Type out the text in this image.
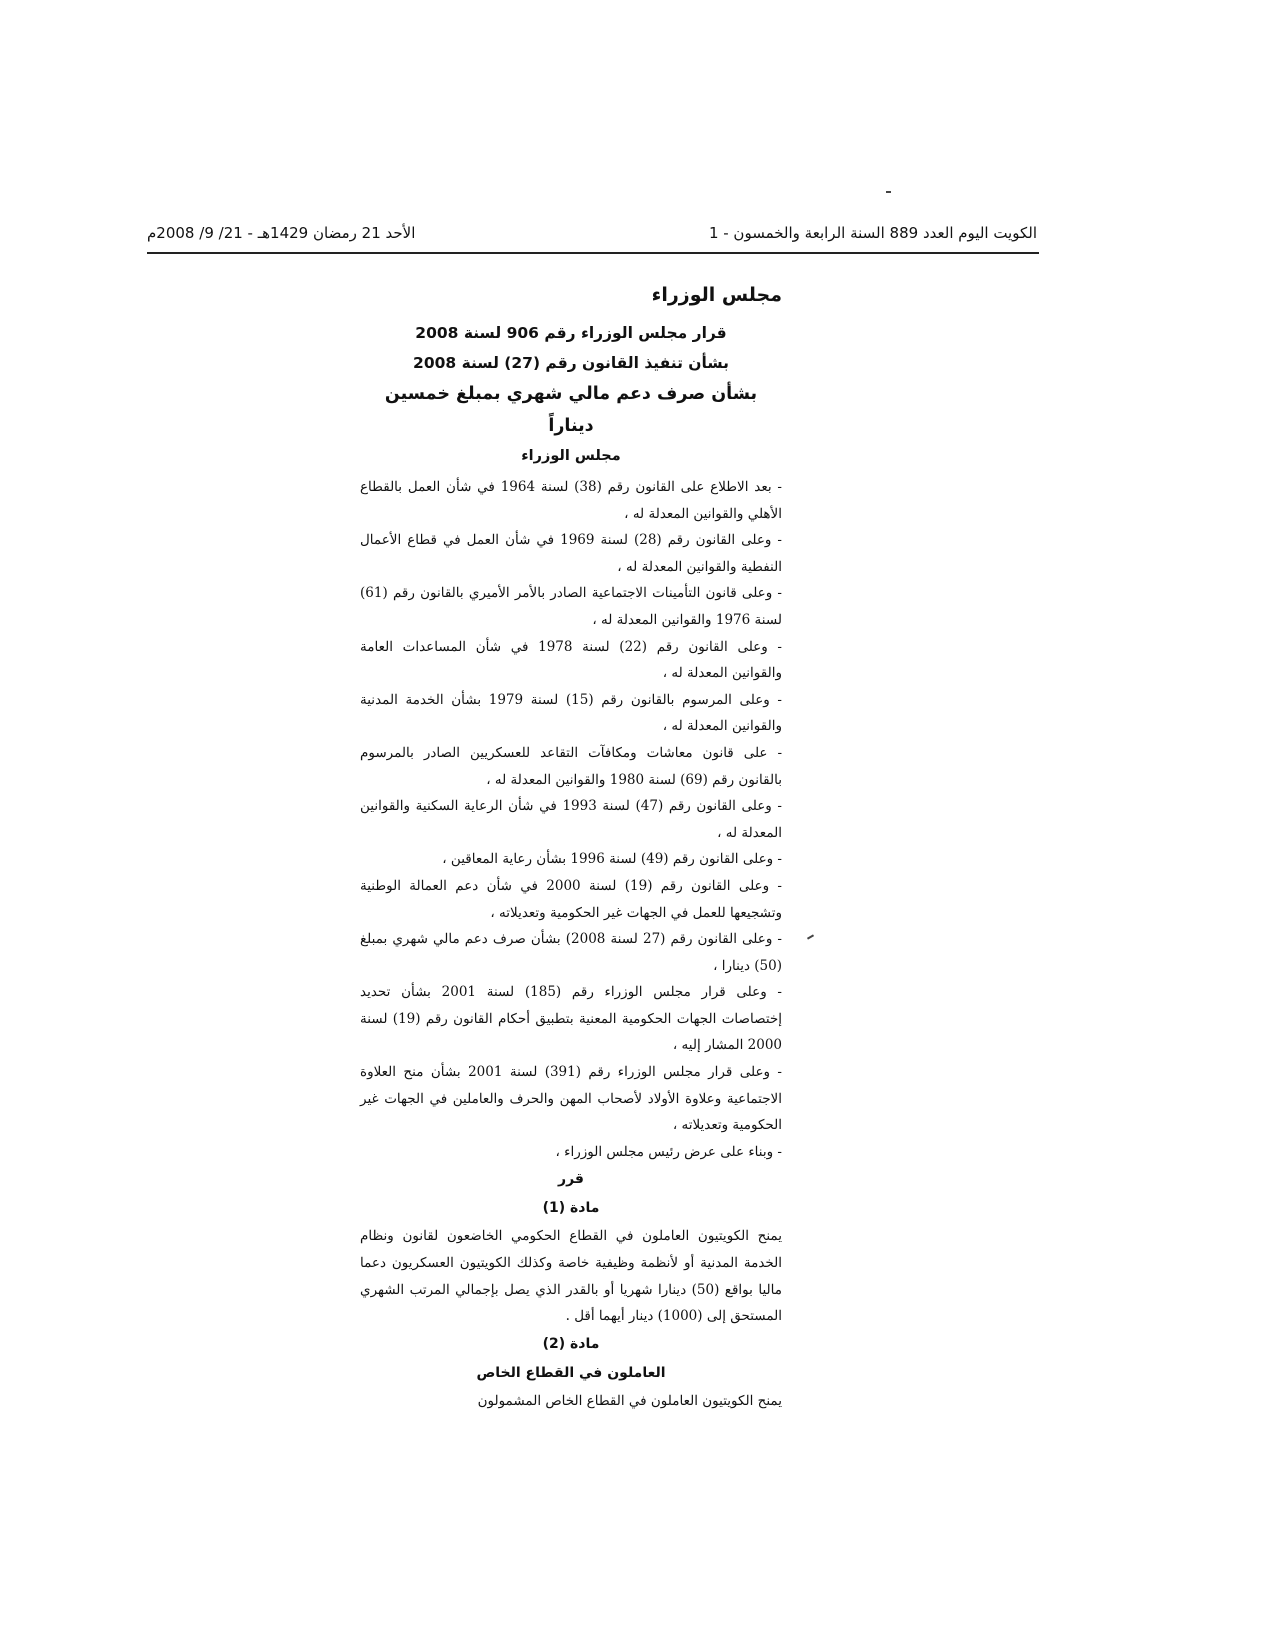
الكويت اليوم العدد 889 السنة الرابعة والخمسون - 1
الأحد 21 رمضان 1429هـ - 21/ 9/ 2008م
مجلس الوزراء
قرار مجلس الوزراء رقم 906 لسنة 2008
بشأن تنفيذ القانون رقم (27) لسنة 2008
بشأن صرف دعم مالي شهري بمبلغ خمسين ديناراً
مجلس الوزراء

- بعد الاطلاع على القانون رقم (38) لسنة 1964 في شأن العمل بالقطاع الأهلي والقوانين المعدلة له ،

- وعلى القانون رقم (28) لسنة 1969 في شأن العمل في قطاع الأعمال النفطية والقوانين المعدلة له ،

- وعلى قانون التأمينات الاجتماعية الصادر بالأمر الأميري بالقانون رقم (61) لسنة 1976 والقوانين المعدلة له ،

- وعلى القانون رقم (22) لسنة 1978 في شأن المساعدات العامة والقوانين المعدلة له ،

- وعلى المرسوم بالقانون رقم (15) لسنة 1979 بشأن الخدمة المدنية والقوانين المعدلة له ،

- على قانون معاشات ومكافآت التقاعد للعسكريين الصادر بالمرسوم بالقانون رقم (69) لسنة 1980 والقوانين المعدلة له ،

- وعلى القانون رقم (47) لسنة 1993 في شأن الرعاية السكنية والقوانين المعدلة له ،

- وعلى القانون رقم (49) لسنة 1996 بشأن رعاية المعاقين ،

- وعلى القانون رقم (19) لسنة 2000 في شأن دعم العمالة الوطنية وتشجيعها للعمل في الجهات غير الحكومية وتعديلاته ،

- وعلى القانون رقم (27 لسنة 2008) بشأن صرف دعم مالي شهري بمبلغ (50) دينارا ،

- وعلى قرار مجلس الوزراء رقم (185) لسنة 2001 بشأن تحديد إختصاصات الجهات الحكومية المعنية بتطبيق أحكام القانون رقم (19) لسنة 2000 المشار إليه ،

- وعلى قرار مجلس الوزراء رقم (391) لسنة 2001 بشأن منح العلاوة الاجتماعية وعلاوة الأولاد لأصحاب المهن والحرف والعاملين في الجهات غير الحكومية وتعديلاته ،

- وبناء على عرض رئيس مجلس الوزراء ،

قرر
مادة (1)

يمنح الكويتيون العاملون في القطاع الحكومي الخاضعون لقانون ونظام الخدمة المدنية أو لأنظمة وظيفية خاصة وكذلك الكويتيون العسكريون دعما ماليا بواقع (50) دينارا شهريا أو بالقدر الذي يصل بإجمالي المرتب الشهري المستحق إلى (1000) دينار أيهما أقل .

مادة (2)
العاملون في القطاع الخاص

يمنح الكويتيون العاملون في القطاع الخاص المشمولون
